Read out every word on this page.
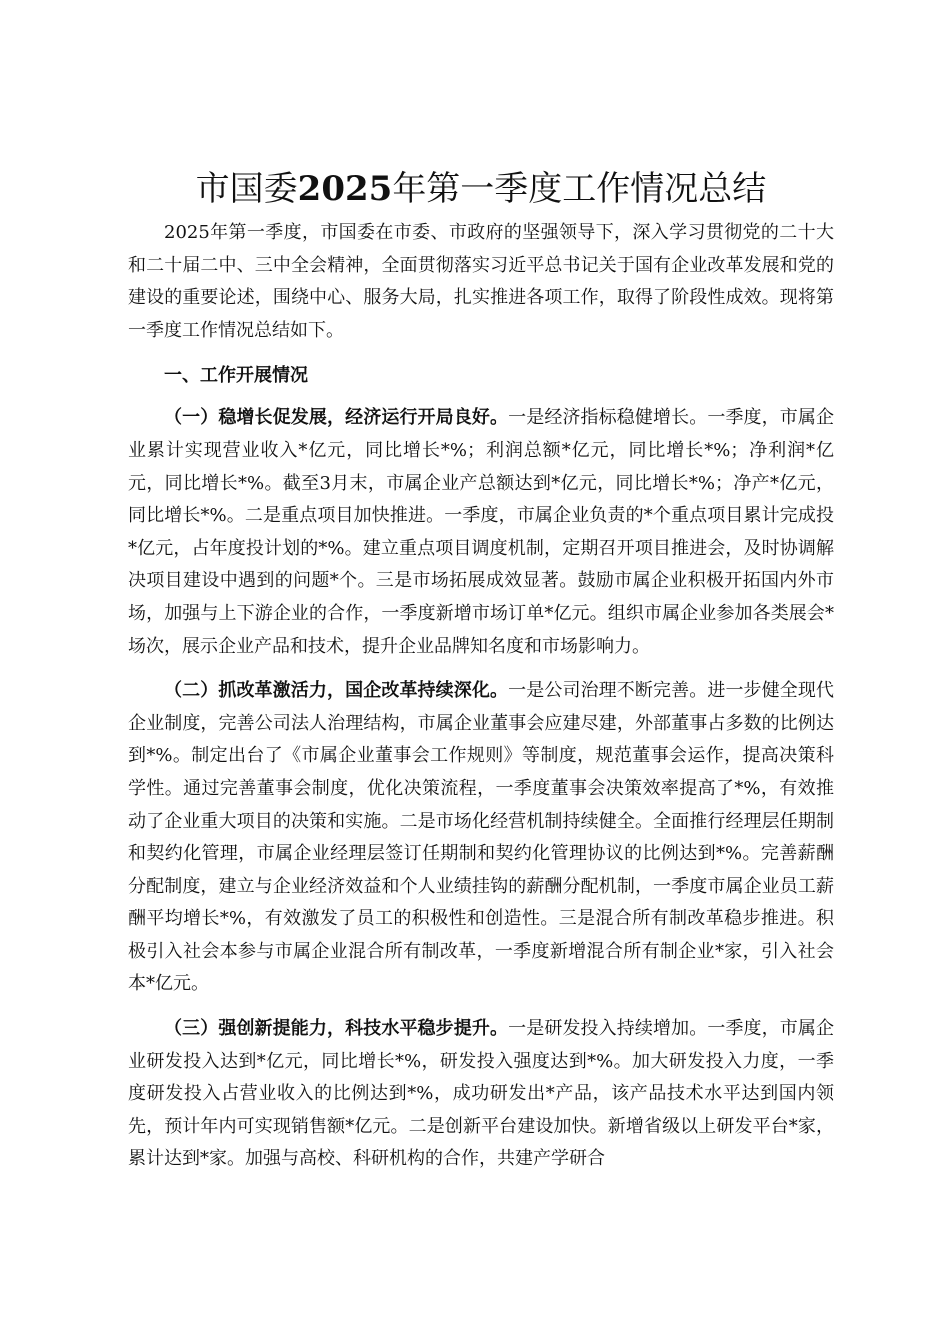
市国委2025年第一季度工作情况总结

2025年第一季度，市国委在市委、市政府的坚强领导下，深入学习贯彻党的二十大和二十届二中、三中全会精神，全面贯彻落实习近平总书记关于国有企业改革发展和党的建设的重要论述，围绕中心、服务大局，扎实推进各项工作，取得了阶段性成效。现将第一季度工作情况总结如下。

一、工作开展情况

（一）稳增长促发展，经济运行开局良好。一是经济指标稳健增长。一季度，市属企业累计实现营业收入*亿元，同比增长*%；利润总额*亿元，同比增长*%；净利润*亿元，同比增长*%。截至3月末，市属企业产总额达到*亿元，同比增长*%；净产*亿元，同比增长*%。二是重点项目加快推进。一季度，市属企业负责的*个重点项目累计完成投*亿元，占年度投计划的*%。建立重点项目调度机制，定期召开项目推进会，及时协调解决项目建设中遇到的问题*个。三是市场拓展成效显著。鼓励市属企业积极开拓国内外市场，加强与上下游企业的合作，一季度新增市场订单*亿元。组织市属企业参加各类展会*场次，展示企业产品和技术，提升企业品牌知名度和市场影响力。

（二）抓改革激活力，国企改革持续深化。一是公司治理不断完善。进一步健全现代企业制度，完善公司法人治理结构，市属企业董事会应建尽建，外部董事占多数的比例达到*%。制定出台了《市属企业董事会工作规则》等制度，规范董事会运作，提高决策科学性。通过完善董事会制度，优化决策流程，一季度董事会决策效率提高了*%，有效推动了企业重大项目的决策和实施。二是市场化经营机制持续健全。全面推行经理层任期制和契约化管理，市属企业经理层签订任期制和契约化管理协议的比例达到*%。完善薪酬分配制度，建立与企业经济效益和个人业绩挂钩的薪酬分配机制，一季度市属企业员工薪酬平均增长*%，有效激发了员工的积极性和创造性。三是混合所有制改革稳步推进。积极引入社会本参与市属企业混合所有制改革，一季度新增混合所有制企业*家，引入社会本*亿元。

（三）强创新提能力，科技水平稳步提升。一是研发投入持续增加。一季度，市属企业研发投入达到*亿元，同比增长*%，研发投入强度达到*%。加大研发投入力度，一季度研发投入占营业收入的比例达到*%，成功研发出*产品，该产品技术水平达到国内领先，预计年内可实现销售额*亿元。二是创新平台建设加快。新增省级以上研发平台*家，累计达到*家。加强与高校、科研机构的合作，共建产学研合
